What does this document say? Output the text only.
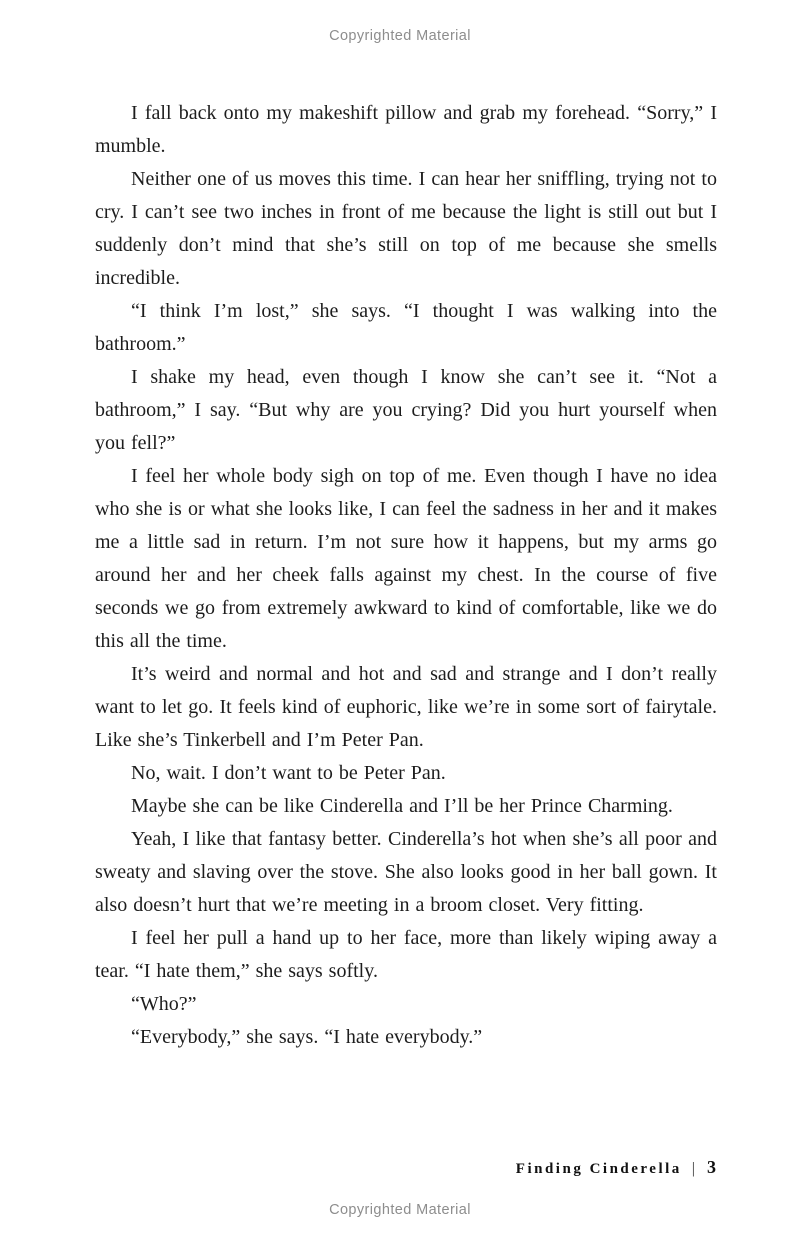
Copyrighted Material

I fall back onto my makeshift pillow and grab my forehead. “Sorry,” I mumble.

Neither one of us moves this time. I can hear her sniffling, trying not to cry. I can’t see two inches in front of me because the light is still out but I suddenly don’t mind that she’s still on top of me because she smells incredible.

“I think I’m lost,” she says. “I thought I was walking into the bathroom.”

I shake my head, even though I know she can’t see it. “Not a bathroom,” I say. “But why are you crying? Did you hurt yourself when you fell?”

I feel her whole body sigh on top of me. Even though I have no idea who she is or what she looks like, I can feel the sadness in her and it makes me a little sad in return. I’m not sure how it happens, but my arms go around her and her cheek falls against my chest. In the course of five seconds we go from extremely awkward to kind of comfortable, like we do this all the time.

It’s weird and normal and hot and sad and strange and I don’t really want to let go. It feels kind of euphoric, like we’re in some sort of fairytale. Like she’s Tinkerbell and I’m Peter Pan.

No, wait. I don’t want to be Peter Pan.

Maybe she can be like Cinderella and I’ll be her Prince Charming.

Yeah, I like that fantasy better. Cinderella’s hot when she’s all poor and sweaty and slaving over the stove. She also looks good in her ball gown. It also doesn’t hurt that we’re meeting in a broom closet. Very fitting.

I feel her pull a hand up to her face, more than likely wiping away a tear. “I hate them,” she says softly.

“Who?”

“Everybody,” she says. “I hate everybody.”

Finding Cinderella | 3
Copyrighted Material
